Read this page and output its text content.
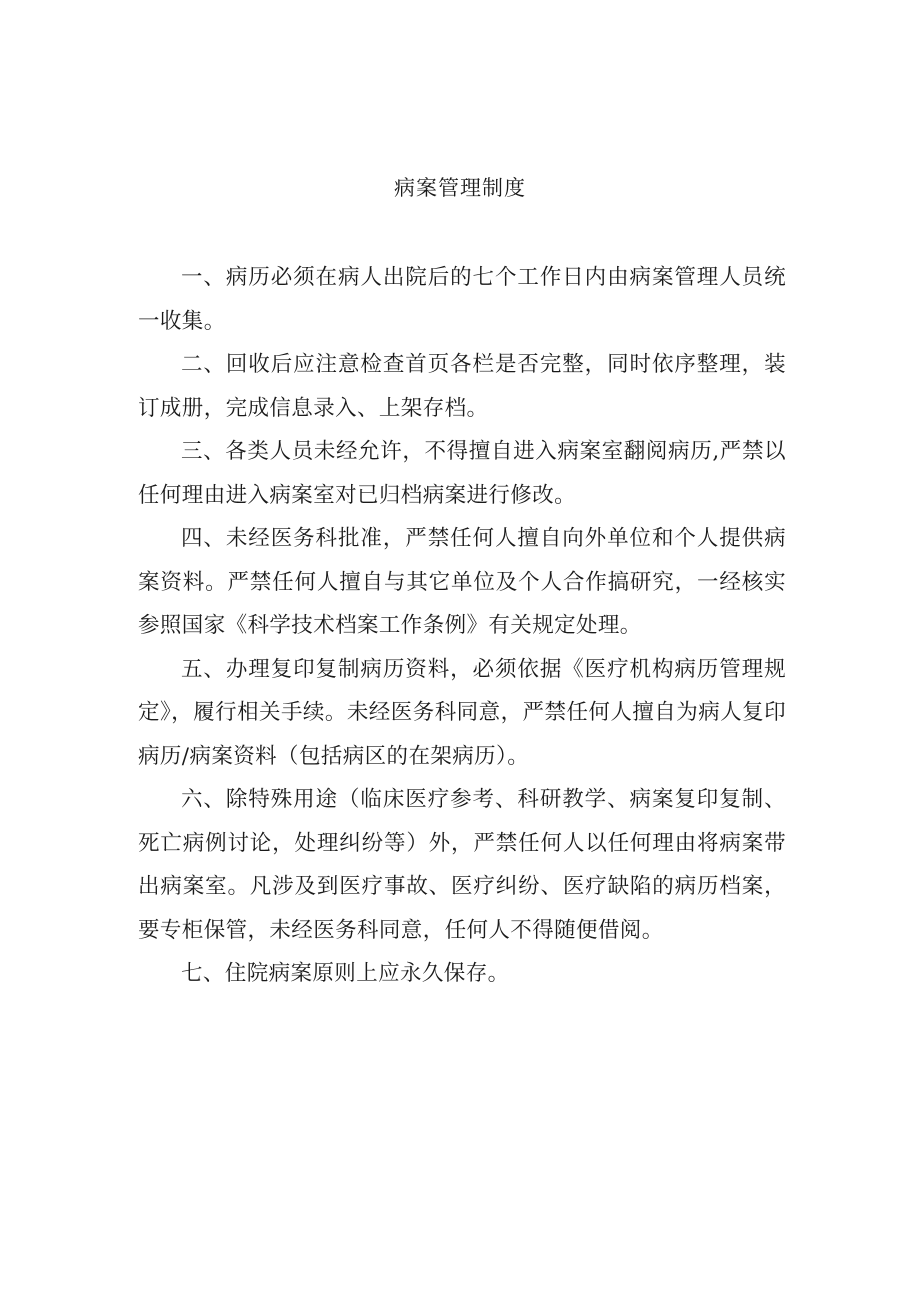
病案管理制度

一、病历必须在病人出院后的七个工作日内由病案管理人员统一收集。

二、回收后应注意检查首页各栏是否完整，同时依序整理，装订成册，完成信息录入、上架存档。

三、各类人员未经允许，不得擅自进入病案室翻阅病历,严禁以任何理由进入病案室对已归档病案进行修改。

四、未经医务科批准，严禁任何人擅自向外单位和个人提供病案资料。严禁任何人擅自与其它单位及个人合作搞研究，一经核实参照国家《科学技术档案工作条例》有关规定处理。

五、办理复印复制病历资料，必须依据《医疗机构病历管理规定》，履行相关手续。未经医务科同意，严禁任何人擅自为病人复印病历/病案资料（包括病区的在架病历）。

六、除特殊用途（临床医疗参考、科研教学、病案复印复制、死亡病例讨论，处理纠纷等）外，严禁任何人以任何理由将病案带出病案室。凡涉及到医疗事故、医疗纠纷、医疗缺陷的病历档案，要专柜保管，未经医务科同意，任何人不得随便借阅。

七、住院病案原则上应永久保存。
